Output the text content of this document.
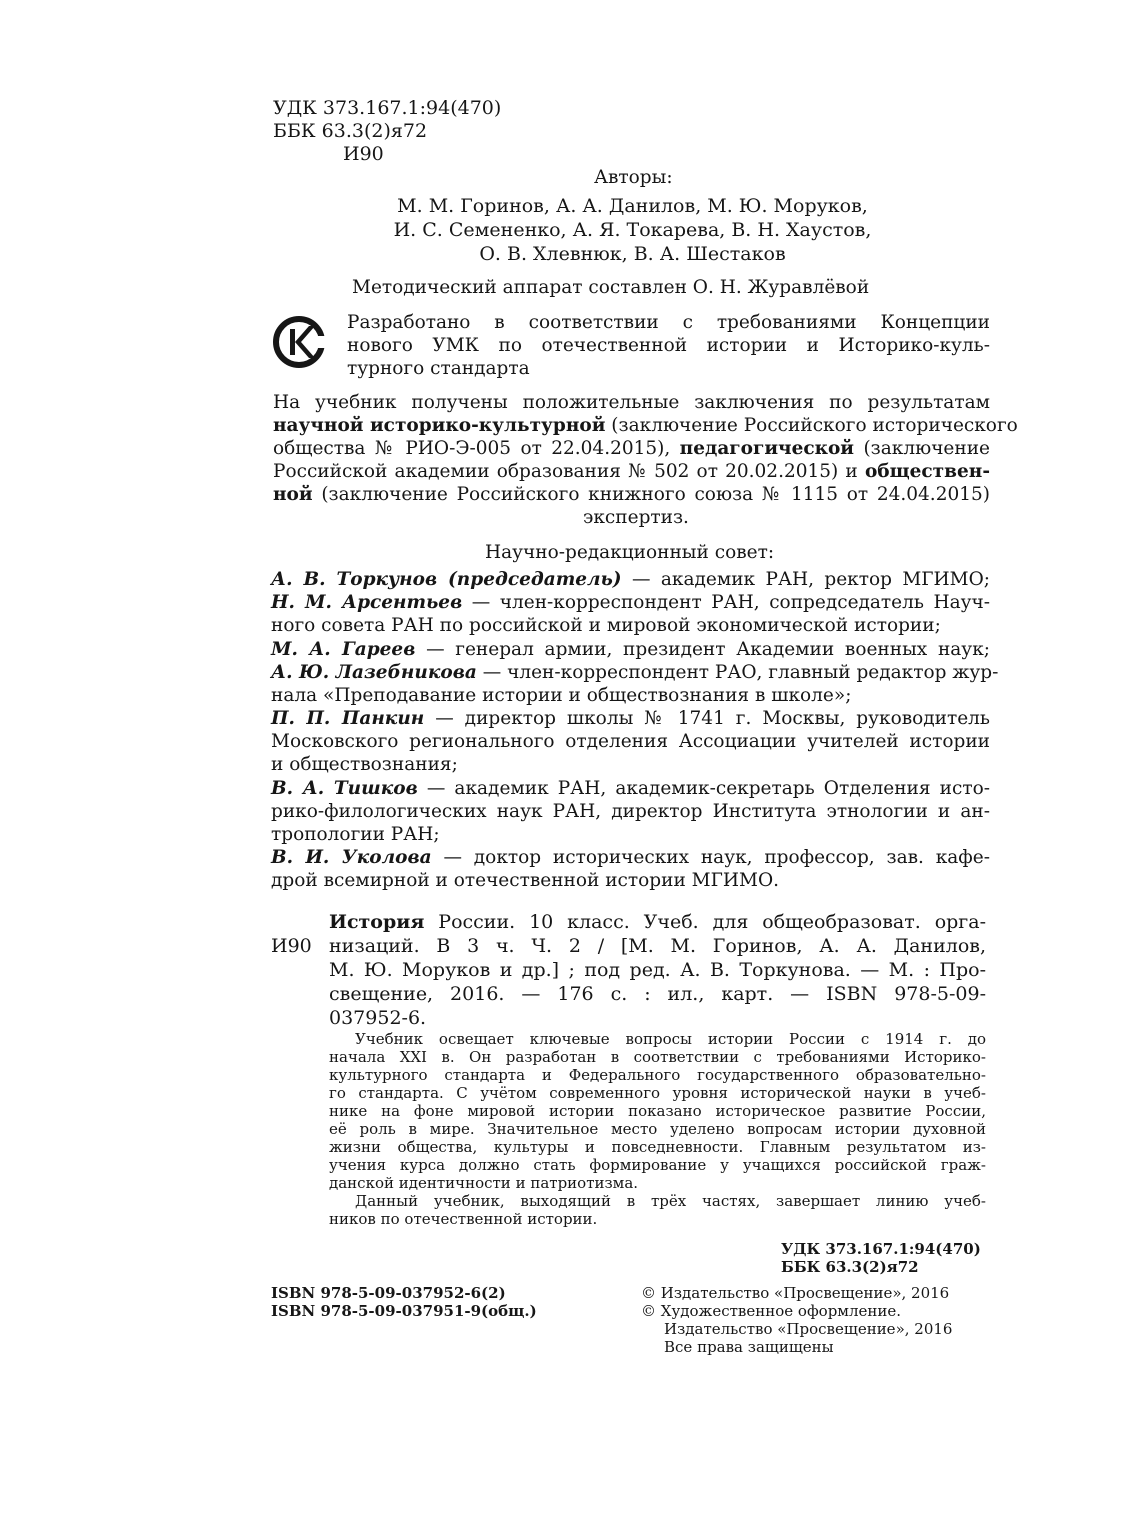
УДК 373.167.1:94(470)
ББК 63.3(2)я72
И90
Авторы:
М. М. Горинов, А. А. Данилов, М. Ю. Моруков,
И. С. Семененко, А. Я. Токарева, В. Н. Хаустов,
О. В. Хлевнюк, В. А. Шестаков
Методический аппарат составлен О. Н. Журавлёвой
Разработано в соответствии с требованиями Концепции
нового УМК по отечественной истории и Историко-куль-
турного стандарта
На учебник получены положительные заключения по результатам
научной историко-культурной (заключение Российского исторического
общества № РИО-Э-005 от 22.04.2015), педагогической (заключение
Российской академии образования № 502 от 20.02.2015) и обществен-
ной (заключение Российского книжного союза № 1115 от 24.04.2015)
экспертиз.
Научно-редакционный совет:
А. В. Торкунов (председатель) — академик РАН, ректор МГИМО;
Н. М. Арсентьев — член-корреспондент РАН, сопредседатель Науч-
ного совета РАН по российской и мировой экономической истории;
М. А. Гареев — генерал армии, президент Академии военных наук;
А. Ю. Лазебникова — член-корреспондент РАО, главный редактор жур-
нала «Преподавание истории и обществознания в школе»;
П. П. Панкин — директор школы № 1741 г. Москвы, руководитель
Московского регионального отделения Ассоциации учителей истории
и обществознания;
В. А. Тишков — академик РАН, академик-секретарь Отделения исто-
рико-филологических наук РАН, директор Института этнологии и ан-
тропологии РАН;
В. И. Уколова — доктор исторических наук, профессор, зав. кафе-
дрой всемирной и отечественной истории МГИМО.
И90
История России. 10 класс. Учеб. для общеобразоват. орга-
низаций. В 3 ч. Ч. 2 / [М. М. Горинов, А. А. Данилов,
М. Ю. Моруков и др.] ; под ред. А. В. Торкунова. — М. : Про-
свещение, 2016. — 176 с. : ил., карт. — ISBN 978-5-09-
037952-6.
Учебник освещает ключевые вопросы истории России с 1914 г. до
начала XXI в. Он разработан в соответствии с требованиями Историко-
культурного стандарта и Федерального государственного образовательно-
го стандарта. С учётом современного уровня исторической науки в учеб-
нике на фоне мировой истории показано историческое развитие России,
её роль в мире. Значительное место уделено вопросам истории духовной
жизни общества, культуры и повседневности. Главным результатом из-
учения курса должно стать формирование у учащихся российской граж-
данской идентичности и патриотизма.
Данный учебник, выходящий в трёх частях, завершает линию учеб-
ников по отечественной истории.
УДК 373.167.1:94(470)
ББК 63.3(2)я72
ISBN 978-5-09-037952-6(2)
ISBN 978-5-09-037951-9(общ.)
© Издательство «Просвещение», 2016
© Художественное оформление.
Издательство «Просвещение», 2016
Все права защищены
